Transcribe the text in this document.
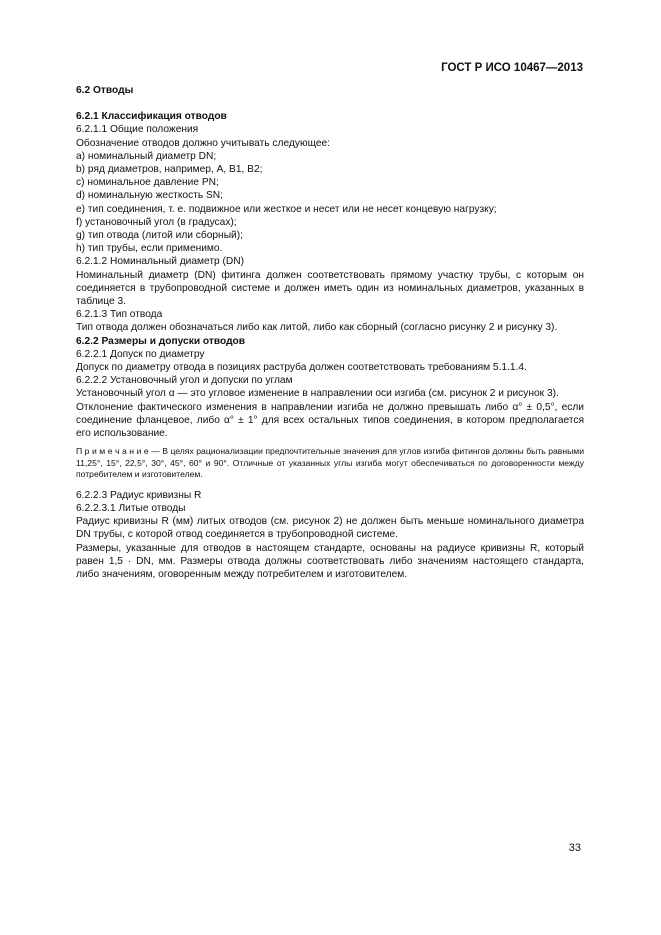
ГОСТ Р ИСО 10467—2013

6.2 Отводы

6.2.1 Классификация отводов

6.2.1.1 Общие положения

Обозначение отводов должно учитывать следующее:

a) номинальный диаметр DN;

b) ряд диаметров, например, A, B1, B2;

c) номинальное давление PN;

d) номинальную жесткость SN;

e) тип соединения, т. е. подвижное или жесткое и несет или не несет концевую нагрузку;

f) установочный угол (в градусах);

g) тип отвода (литой или сборный);

h) тип трубы, если применимо.

6.2.1.2 Номинальный диаметр (DN)

Номинальный диаметр (DN) фитинга должен соответствовать прямому участку трубы, с которым он соединяется в трубопроводной системе и должен иметь один из номинальных диаметров, указанных в таблице 3.

6.2.1.3 Тип отвода

Тип отвода должен обозначаться либо как литой, либо как сборный (согласно рисунку 2 и рисунку 3).

6.2.2 Размеры и допуски отводов

6.2.2.1 Допуск по диаметру

Допуск по диаметру отвода в позициях раструба должен соответствовать требованиям 5.1.1.4.

6.2.2.2 Установочный угол и допуски по углам

Установочный угол α — это угловое изменение в направлении оси изгиба (см. рисунок 2 и рисунок 3).

Отклонение фактического изменения в направлении изгиба не должно превышать либо α° ± 0,5°, если соединение фланцевое, либо α° ± 1° для всех остальных типов соединения, в котором предполагается его использование.

П р и м е ч а н и е — В целях рационализации предпочтительные значения для углов изгиба фитингов должны быть равными 11,25°, 15°, 22,5°, 30°, 45°, 60° и 90°. Отличные от указанных углы изгиба могут обеспечиваться по договоренности между потребителем и изготовителем.

6.2.2.3 Радиус кривизны R

6.2.2.3.1 Литые отводы

Радиус кривизны R (мм) литых отводов (см. рисунок 2) не должен быть меньше номинального диаметра DN трубы, с которой отвод соединяется в трубопроводной системе.

Размеры, указанные для отводов в настоящем стандарте, основаны на радиусе кривизны R, который равен 1,5 · DN, мм. Размеры отвода должны соответствовать либо значениям настоящего стандарта, либо значениям, оговоренным между потребителем и изготовителем.

33
